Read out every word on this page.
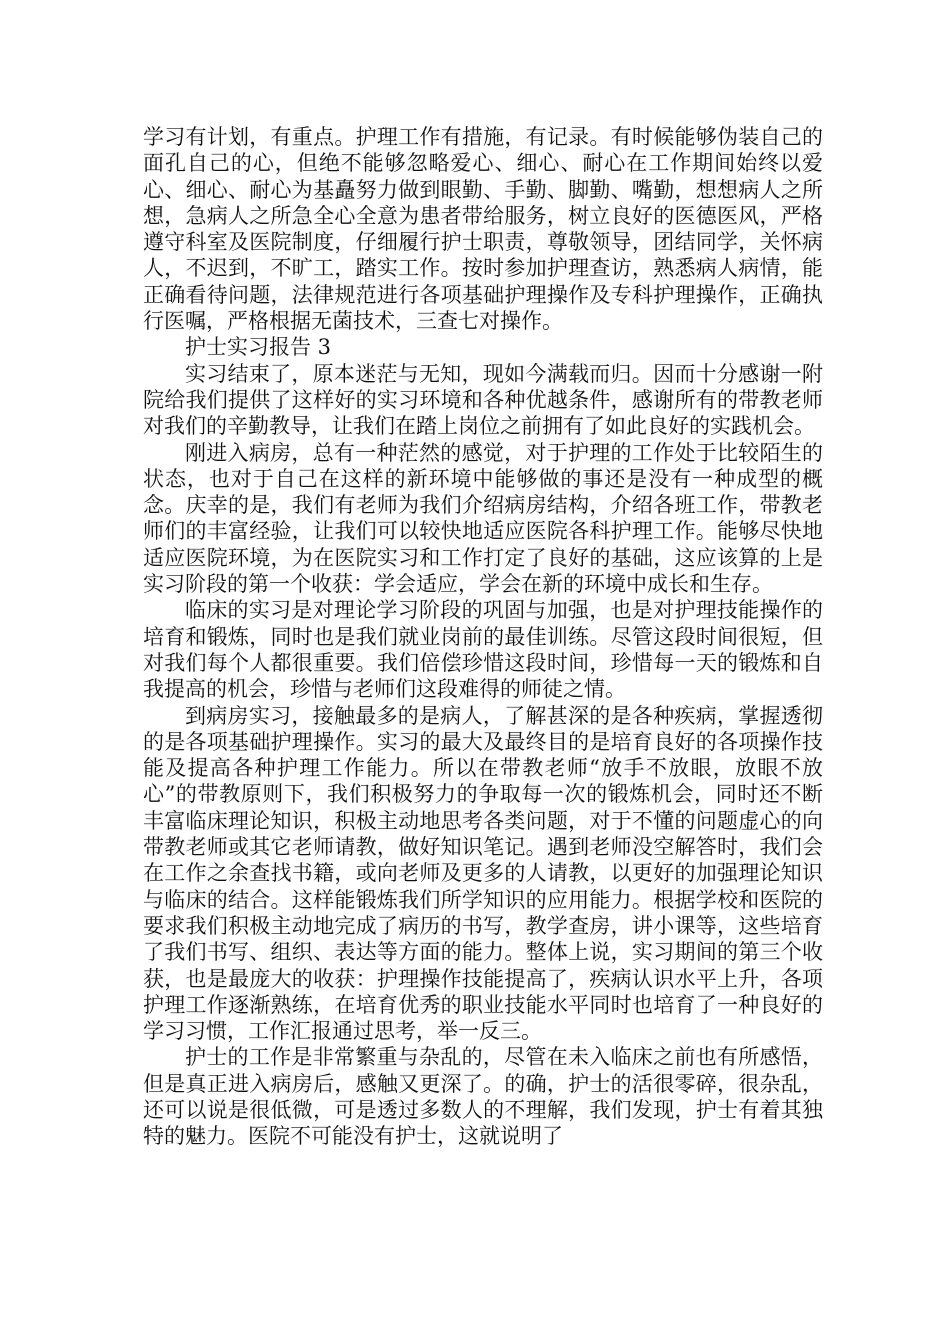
学习有计划，有重点。护理工作有措施，有记录。有时候能够伪装自己的面孔自己的心，但绝不能够忽略爱心、细心、耐心在工作期间始终以爱心、细心、耐心为基矗努力做到眼勤、手勤、脚勤、嘴勤，想想病人之所想，急病人之所急全心全意为患者带给服务，树立良好的医德医风，严格遵守科室及医院制度，仔细履行护士职责，尊敬领导，团结同学，关怀病人，不迟到，不旷工，踏实工作。按时参加护理查访，熟悉病人病情，能正确看待问题，法律规范进行各项基础护理操作及专科护理操作，正确执行医嘱，严格根据无菌技术，三查七对操作。

护士实习报告 3

实习结束了，原本迷茫与无知，现如今满载而归。因而十分感谢一附院给我们提供了这样好的实习环境和各种优越条件，感谢所有的带教老师对我们的辛勤教导，让我们在踏上岗位之前拥有了如此良好的实践机会。

刚进入病房，总有一种茫然的感觉，对于护理的工作处于比较陌生的状态，也对于自己在这样的新环境中能够做的事还是没有一种成型的概念。庆幸的是，我们有老师为我们介绍病房结构，介绍各班工作，带教老师们的丰富经验，让我们可以较快地适应医院各科护理工作。能够尽快地适应医院环境，为在医院实习和工作打定了良好的基础，这应该算的上是实习阶段的第一个收获：学会适应，学会在新的环境中成长和生存。

临床的实习是对理论学习阶段的巩固与加强，也是对护理技能操作的培育和锻炼，同时也是我们就业岗前的最佳训练。尽管这段时间很短，但对我们每个人都很重要。我们倍偿珍惜这段时间，珍惜每一天的锻炼和自我提高的机会，珍惜与老师们这段难得的师徒之情。

到病房实习，接触最多的是病人，了解甚深的是各种疾病，掌握透彻的是各项基础护理操作。实习的最大及最终目的是培育良好的各项操作技能及提高各种护理工作能力。所以在带教老师“放手不放眼，放眼不放心”的带教原则下，我们积极努力的争取每一次的锻炼机会，同时还不断丰富临床理论知识，积极主动地思考各类问题，对于不懂的问题虚心的向带教老师或其它老师请教，做好知识笔记。遇到老师没空解答时，我们会在工作之余查找书籍，或向老师及更多的人请教，以更好的加强理论知识与临床的结合。这样能锻炼我们所学知识的应用能力。根据学校和医院的要求我们积极主动地完成了病历的书写，教学查房，讲小课等，这些培育了我们书写、组织、表达等方面的能力。整体上说，实习期间的第三个收获，也是最庞大的收获：护理操作技能提高了，疾病认识水平上升，各项护理工作逐渐熟练，在培育优秀的职业技能水平同时也培育了一种良好的学习习惯，工作汇报通过思考，举一反三。

护士的工作是非常繁重与杂乱的，尽管在未入临床之前也有所感悟，但是真正进入病房后，感触又更深了。的确，护士的活很零碎，很杂乱，还可以说是很低微，可是透过多数人的不理解，我们发现，护士有着其独特的魅力。医院不可能没有护士，这就说明了
